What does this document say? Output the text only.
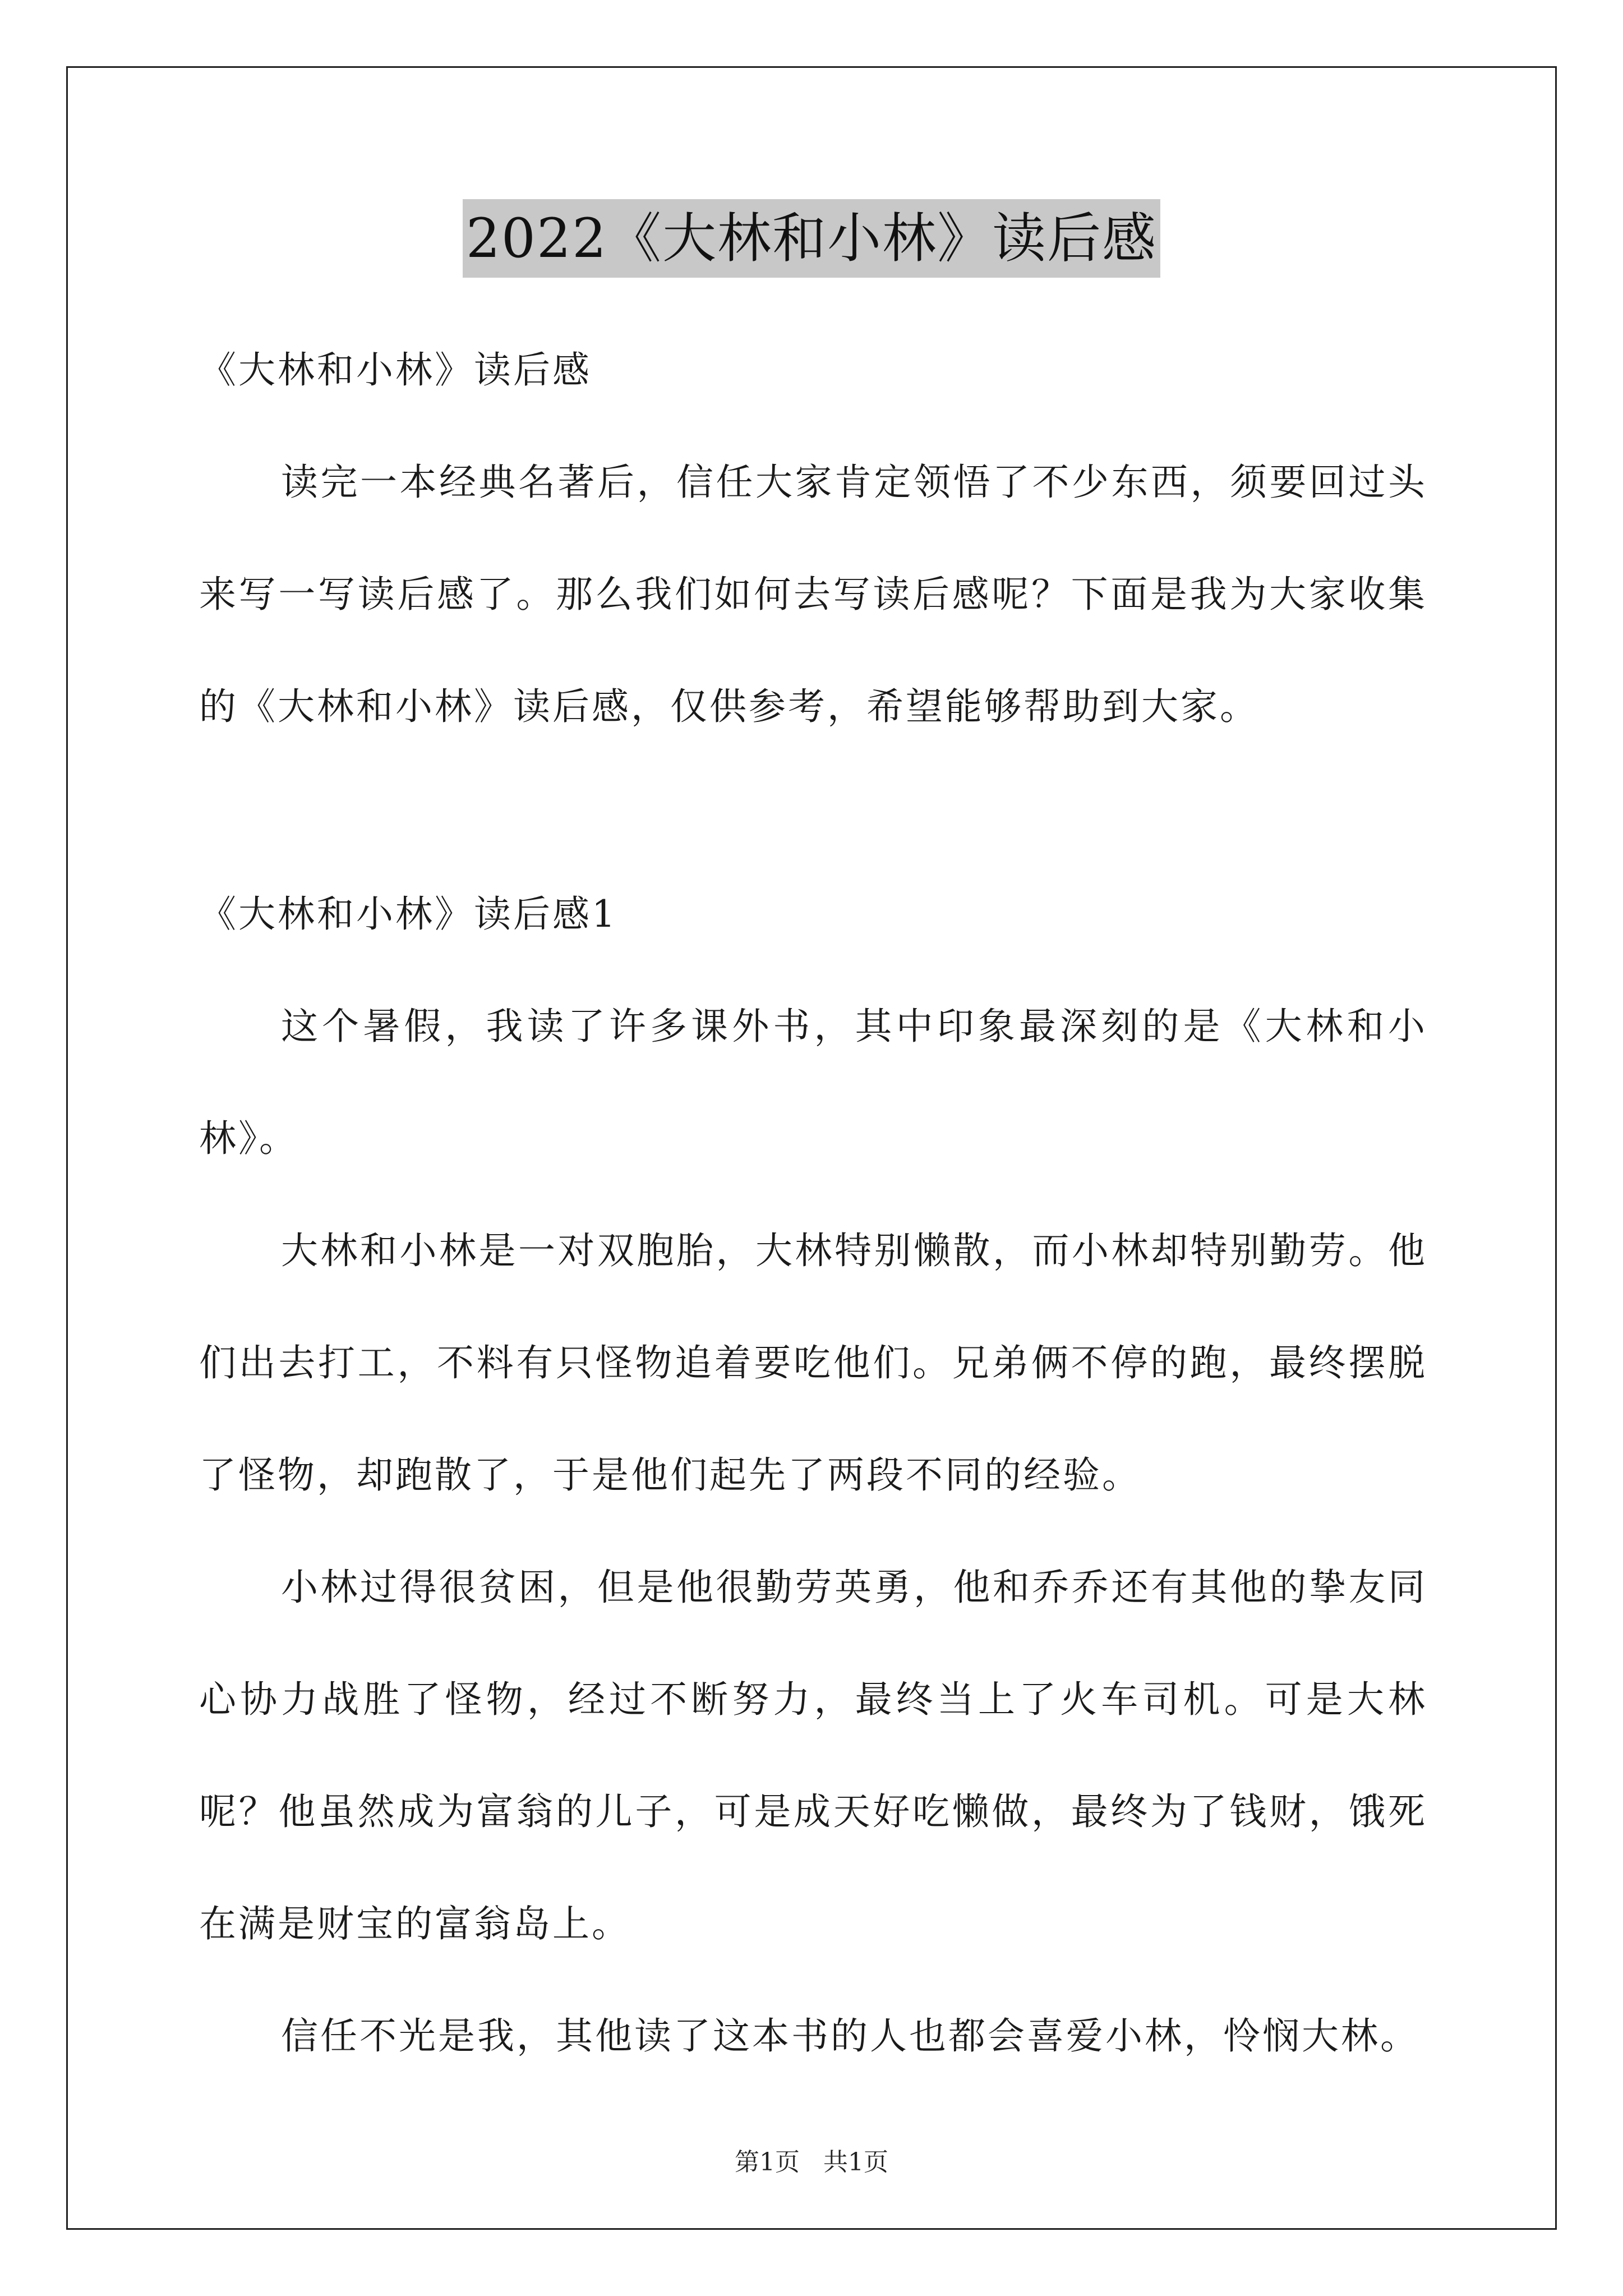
2022《大林和小林》读后感

《大林和小林》读后感

读完一本经典名著后，信任大家肯定领悟了不少东西，须要回过头来写一写读后感了。那么我们如何去写读后感呢？下面是我为大家收集的《大林和小林》读后感，仅供参考，希望能够帮助到大家。

《大林和小林》读后感1

这个暑假，我读了许多课外书，其中印象最深刻的是《大林和小林》。

大林和小林是一对双胞胎，大林特别懒散，而小林却特别勤劳。他们出去打工，不料有只怪物追着要吃他们。兄弟俩不停的跑，最终摆脱了怪物，却跑散了，于是他们起先了两段不同的经验。

小林过得很贫困，但是他很勤劳英勇，他和乔乔还有其他的挚友同心协力战胜了怪物，经过不断努力，最终当上了火车司机。可是大林呢？他虽然成为富翁的儿子，可是成天好吃懒做，最终为了钱财，饿死在满是财宝的富翁岛上。

信任不光是我，其他读了这本书的人也都会喜爱小林，怜悯大林。

第1页   共1页
